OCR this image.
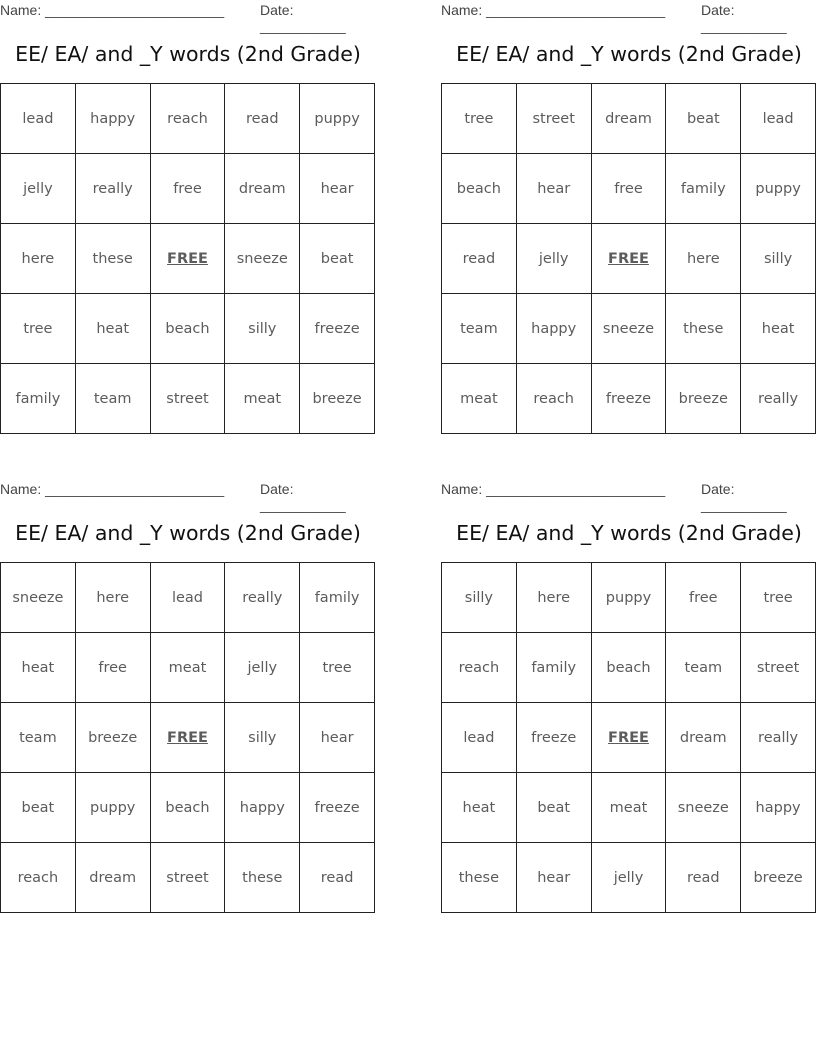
Name: _______________________	Date: ___________
EE/ EA/ and _Y words (2nd Grade)
lead	happy	reach	read	puppy
jelly	really	free	dream	hear
here	these	FREE	sneeze	beat
tree	heat	beach	silly	freeze
family	team	street	meat	breeze
Name: _______________________	Date: ___________
EE/ EA/ and _Y words (2nd Grade)
tree	street	dream	beat	lead
beach	hear	free	family	puppy
read	jelly	FREE	here	silly
team	happy	sneeze	these	heat
meat	reach	freeze	breeze	really
Name: _______________________	Date: ___________
EE/ EA/ and _Y words (2nd Grade)
sneeze	here	lead	really	family
heat	free	meat	jelly	tree
team	breeze	FREE	silly	hear
beat	puppy	beach	happy	freeze
reach	dream	street	these	read
Name: _______________________	Date: ___________
EE/ EA/ and _Y words (2nd Grade)
silly	here	puppy	free	tree
reach	family	beach	team	street
lead	freeze	FREE	dream	really
heat	beat	meat	sneeze	happy
these	hear	jelly	read	breeze
